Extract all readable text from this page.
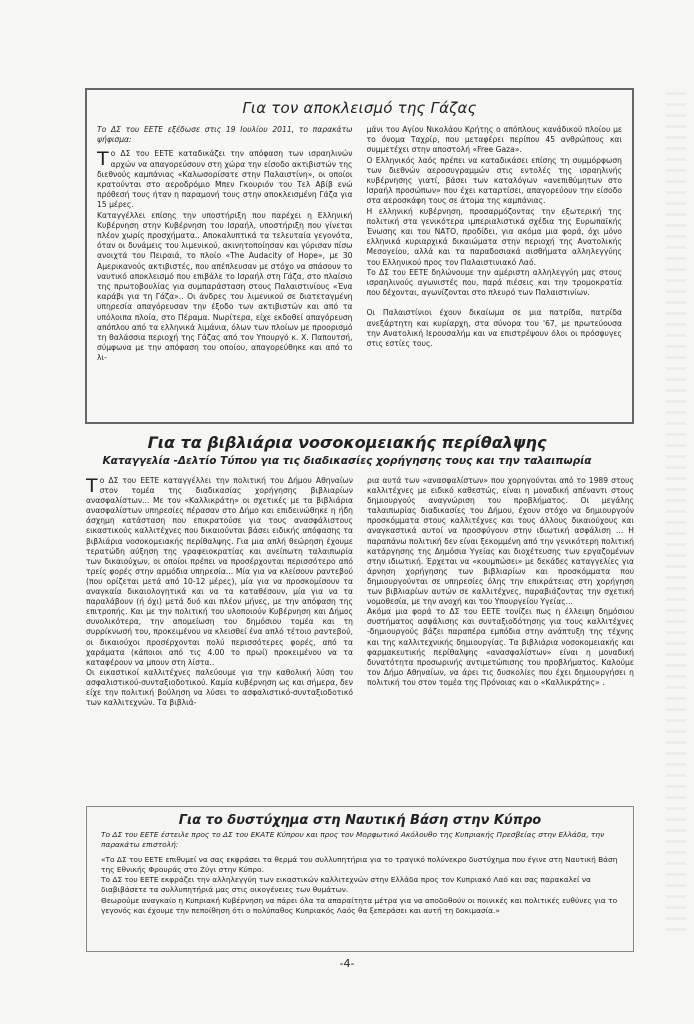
Για τον αποκλεισμό της Γάζας

Το ΔΣ του ΕΕΤΕ εξέδωσε στις 19 Ιουλίου 2011, το παρακάτω ψήφισμα:

Το ΔΣ του ΕΕΤΕ καταδικάζει την απόφαση των ισραηλινών αρχών να απαγορεύσουν στη χώρα την είσοδο ακτιβιστών της διεθνούς καμπάνιας «Καλωσορίσατε στην Παλαιστίνη», οι οποίοι κρατούνται στο αεροδρόμιο Μπεν Γκουριόν του Τελ Αβίβ ενώ πρόθεσή τους ήταν η παραμονή τους στην αποκλεισμένη Γάζα για 15 μέρες.

Καταγγέλλει επίσης την υποστήριξη που παρέχει η Ελληνική Κυβέρνηση στην Κυβέρνηση του Ισραήλ, υποστήριξη που γίνεται πλέον χωρίς προσχήματα.. Αποκαλυπτικά τα τελευταία γεγονότα, όταν οι δυνάμεις του λιμενικού, ακινητοποίησαν και γύρισαν πίσω ανοιχτά του Πειραιά, το πλοίο «The Audacity of Hope», με 30 Αμερικανούς ακτιβιστές, που απέπλευσαν με στόχο να σπάσουν το ναυτικό αποκλεισμό που επιβάλε το Ισραήλ στη Γάζα, στο πλαίσιο της πρωτοβουλίας για συμπαράσταση στους Παλαιστινίους «Ένα καράβι για τη Γάζα».. Οι άνδρες του λιμενικού σε διατεταγμένη υπηρεσία απαγόρευσαν την έξοδο των ακτιβιστών και από τα υπόλοιπα πλοία, στο Πέραμα. Νωρίτερα, είχε εκδοθεί απαγόρευση απόπλου από τα ελληνικά λιμάνια, όλων των πλοίων με προορισμό τη θαλάσσια περιοχή της Γάζας από τον Υπουργό κ. Χ. Παπουτσή, σύμφωνα με την απόφαση του οποίου, απαγορεύθηκε και από το λι-

μάνι του Αγίου Νικολάου Κρήτης ο απόπλους κανάδικού πλοίου με το όνομα Ταχρίρ, που μεταφέρει περίπου 45 ανθρώπους και συμμετέχει στην αποστολή «Free Gaza».

Ο Ελληνικός λαός πρέπει να καταδικάσει επίσης τη συμμόρφωση των διεθνών αεροσυγραμμών στις εντολές της ισραηλινής κυβέρνησης γιατί, βάσει των καταλόγων «ανεπιθύμητων στο Ισραήλ προσώπων» που έχει καταρτίσει, απαγορεύουν την είσοδο στα αεροσκάφη τους σε άτομα της καμπάνιας.

Η ελληνική κυβέρνηση, προσαρμόζοντας την εξωτερική της πολιτική στα γενικότερα ιμπεριαλιστικά σχέδια της Ευρωπαϊκής Ένωσης και του ΝΑΤΟ, προδίδει, για ακόμα μια φορά, όχι μόνο ελληνικά κυριαρχικά δικαιώματα στην περιοχή της Ανατολικής Μεσογείου, αλλά και τα παραδοσιακά αισθήματα αλληλεγγύης του Ελληνικού προς τον Παλαιστινιακό Λαό.

Το ΔΣ του ΕΕΤΕ δηλώνουμε την αμέριστη αλληλεγγύη μας στους ισραηλινούς αγωνιστές που, παρά πιέσεις και την τρομοκρατία που δέχονται, αγωνίζονται στο πλευρό των Παλαιστινίων.

Οι Παλαιστίνιοι έχουν δικαίωμα σε μια πατρίδα, πατρίδα ανεξάρτητη και κυρίαρχη, στα σύνορα του '67, με πρωτεύουσα την Ανατολική Ιερουσαλήμ και να επιστρέψουν όλοι οι πρόσφυγες στις εστίες τους.

Για τα βιβλιάρια νοσοκομειακής περίθαλψης
Καταγγελία -Δελτίο Τύπου για τις διαδικασίες χορήγησης τους και την ταλαιπωρία

Το ΔΣ του ΕΕΤΕ καταγγέλλει την πολιτική του Δήμου Αθηναίων στον τομέα της διαδικασίας χορήγησης βιβλιαρίων ανασφαλίστων... Με τον «Καλλικράτη» οι σχετικές με τα βιβλιάρια ανασφαλίστων υπηρεσίες πέρασαν στο Δήμο και επιδεινώθηκε η ήδη άσχημη κατάσταση που επικρατούσε για τους ανασφάλιστους εικαστικούς καλλιτέχνες που δικαιούνται βάσει ειδικής απόφασης τα βιβλιάρια νοσοκομειακής περίθαλψης. Για μια απλή θεώρηση έχουμε τερατώδη αύξηση της γραφειοκρατίας και ανείπωτη ταλαιπωρία των δικαιούχων, οι οποίοι πρέπει να προσέρχονται περισσότερο από τρείς φορές στην αρμόδια υπηρεσία... Μία για να κλείσουν ραντεβού (που ορίζεται μετά από 10-12 μέρες), μία για να προσκομίσουν τα αναγκαία δικαιολογητικά και να τα καταθέσουν, μία για να τα παραλάβουν (ή όχι) μετά δυό και πλέον μήνες, με την απόφαση της επιτροπής. Και με την πολιτική του υλοποιούν Κυβέρνηση και Δήμος συνολικότερα, την απομείωση του δημόσιου τομέα και τη συρρίκνωσή του, προκειμένου να κλεισθεί ένα απλό τέτοιο ραντεβού, οι δικαιούχοι προσέρχονται πολύ περισσότερες φορές, από τα χαράματα (κάποιοι από τις 4.00 το πρωί) προκειμένου να τα καταφέρουν να μπουν στη λίστα..

Οι εικαστικοί καλλιτέχνες παλεύουμε για την καθολική λύση του ασφαλιστικού-συνταξιοδοτικού. Καμία κυβέρνηση ως και σήμερα, δεν είχε την πολιτική βούληση να λύσει το ασφαλιστικό-συνταξιοδοτικό των καλλιτεχνών. Τα βιβλιά-

ρια αυτά των «ανασφαλίστων» που χορηγούνται από το 1989 στους καλλιτέχνες με ειδικό καθεστώς, είναι η μοναδική απέναντι στους δημιουργούς αναγνώριση του προβλήματος. Οι μεγάλης ταλαιπωρίας διαδικασίες του Δήμου, έχουν στόχο να δημιουργούν προσκόμματα στους καλλιτέχνες και τους άλλους δικαιούχους και αναγκαστικά αυτοί να προσφύγουν στην ιδιωτική ασφάλιση ... Η παραπάνω πολιτική δεν είναι ξεκομμένη από την γενικότερη πολιτική κατάργησης της Δημόσια Υγείας και διοχέτευσης των εργαζομένων στην ιδιωτική. Έρχεται να «κουμπώσει» με δεκάδες καταγγελίες για άρνηση χορήγησης των βιβλιαρίων και προσκόμματα που δημιουργούνται σε υπηρεσίες όλης την επικράτειας στη χορήγηση των βιβλιαρίων αυτών σε καλλιτέχνες, παραβιάζοντας την σχετική νομοθεσία, με την ανοχή και του Υπουργείου Υγείας...

Ακόμα μια φορά το ΔΣ του ΕΕΤΕ τονίζει πως η έλλειψη δημόσιου συστήματος ασφάλισης και συνταξιοδότησης για τους καλλιτέχνες -δημιουργούς βάζει παραπέρα εμπόδια στην ανάπτυξη της τέχνης και της καλλιτεχνικής δημιουργίας. Τα βιβλιάρια νοσοκομειακής και φαρμακευτικής περίθαλψης «ανασφαλίστων» είναι η μοναδική δυνατότητα προσωρινής αντιμετώπισης του προβλήματος. Καλούμε τον Δήμο Αθηναίων, να άρει τις δυσκολίες που έχει δημιουργήσει η πολιτική του στον τομέα της Πρόνοιας και ο «Καλλικράτης» .

Για το δυστύχημα στη Ναυτική Βάση στην Κύπρο

Το ΔΣ του ΕΕΤΕ έστειλε προς το ΔΣ του ΕΚΑΤΕ Κύπρου και προς τον Μορφωτικό Ακόλουθο της Κυπριακής Πρεσβείας στην Ελλάδα, την παρακάτω επιστολή:

«Το ΔΣ του ΕΕΤΕ επιθυμεί να σας εκφράσει τα θερμά του συλλυπητήρια για το τραγικό πολύνεκρο δυστύχημα που έγινε στη Ναυτική Βάση της Εθνικής Φρουράς στο Ζύγι στην Κύπρο.

Το ΔΣ του ΕΕΤΕ εκφράζει την αλληλεγγύη των εικαστικών καλλιτεχνών στην Ελλάδα προς τον Κυπριακό Λαό και σας παρακαλεί να διαβιβάσετε τα συλλυπητήριά μας στις οικογένειες των θυμάτων.

Θεωρούμε αναγκαίο η Κυπριακή Κυβέρνηση να πάρει όλα τα απαραίτητα μέτρα για να αποδοθούν οι ποινικές και πολιτικές ευθύνες για το γεγονός και έχουμε την πεποίθηση ότι ο πολύπαθος Κυπριακός Λαός θα ξεπεράσει και αυτή τη δοκιμασία.»

-4-
